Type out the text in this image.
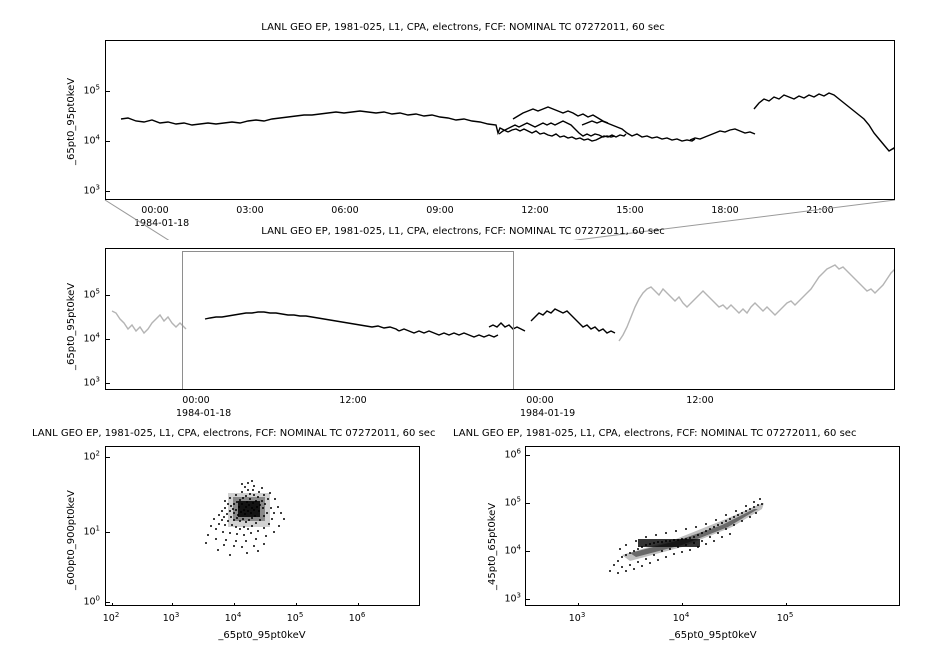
LANL GEO EP, 1981-025, L1, CPA, electrons, FCF: NOMINAL TC 07272011, 60 sec
_65pt0_95pt0keV
$10^3$
$10^4$
$10^5$
00:00	03:00	06:00	09:00	12:00	15:00	18:00	21:00
1984-01-18
LANL GEO EP, 1981-025, L1, CPA, electrons, FCF: NOMINAL TC 07272011, 60 sec
_65pt0_95pt0keV
$10^3$
$10^4$
$10^5$
00:00	12:00	00:00	12:00
1984-01-18	1984-01-19
LANL GEO EP, 1981-025, L1, CPA, electrons, FCF: NOMINAL TC 07272011, 60 sec
_600pt0_900pt0keV
$10^0$
$10^1$
$10^2$
$10^2$	$10^3$	$10^4$	$10^5$	$10^6$
_65pt0_95pt0keV
LANL GEO EP, 1981-025, L1, CPA, electrons, FCF: NOMINAL TC 07272011, 60 sec
_45pt0_65pt0keV
$10^3$
$10^4$
$10^5$
$10^6$
$10^3$	$10^4$	$10^5$
_65pt0_95pt0keV
